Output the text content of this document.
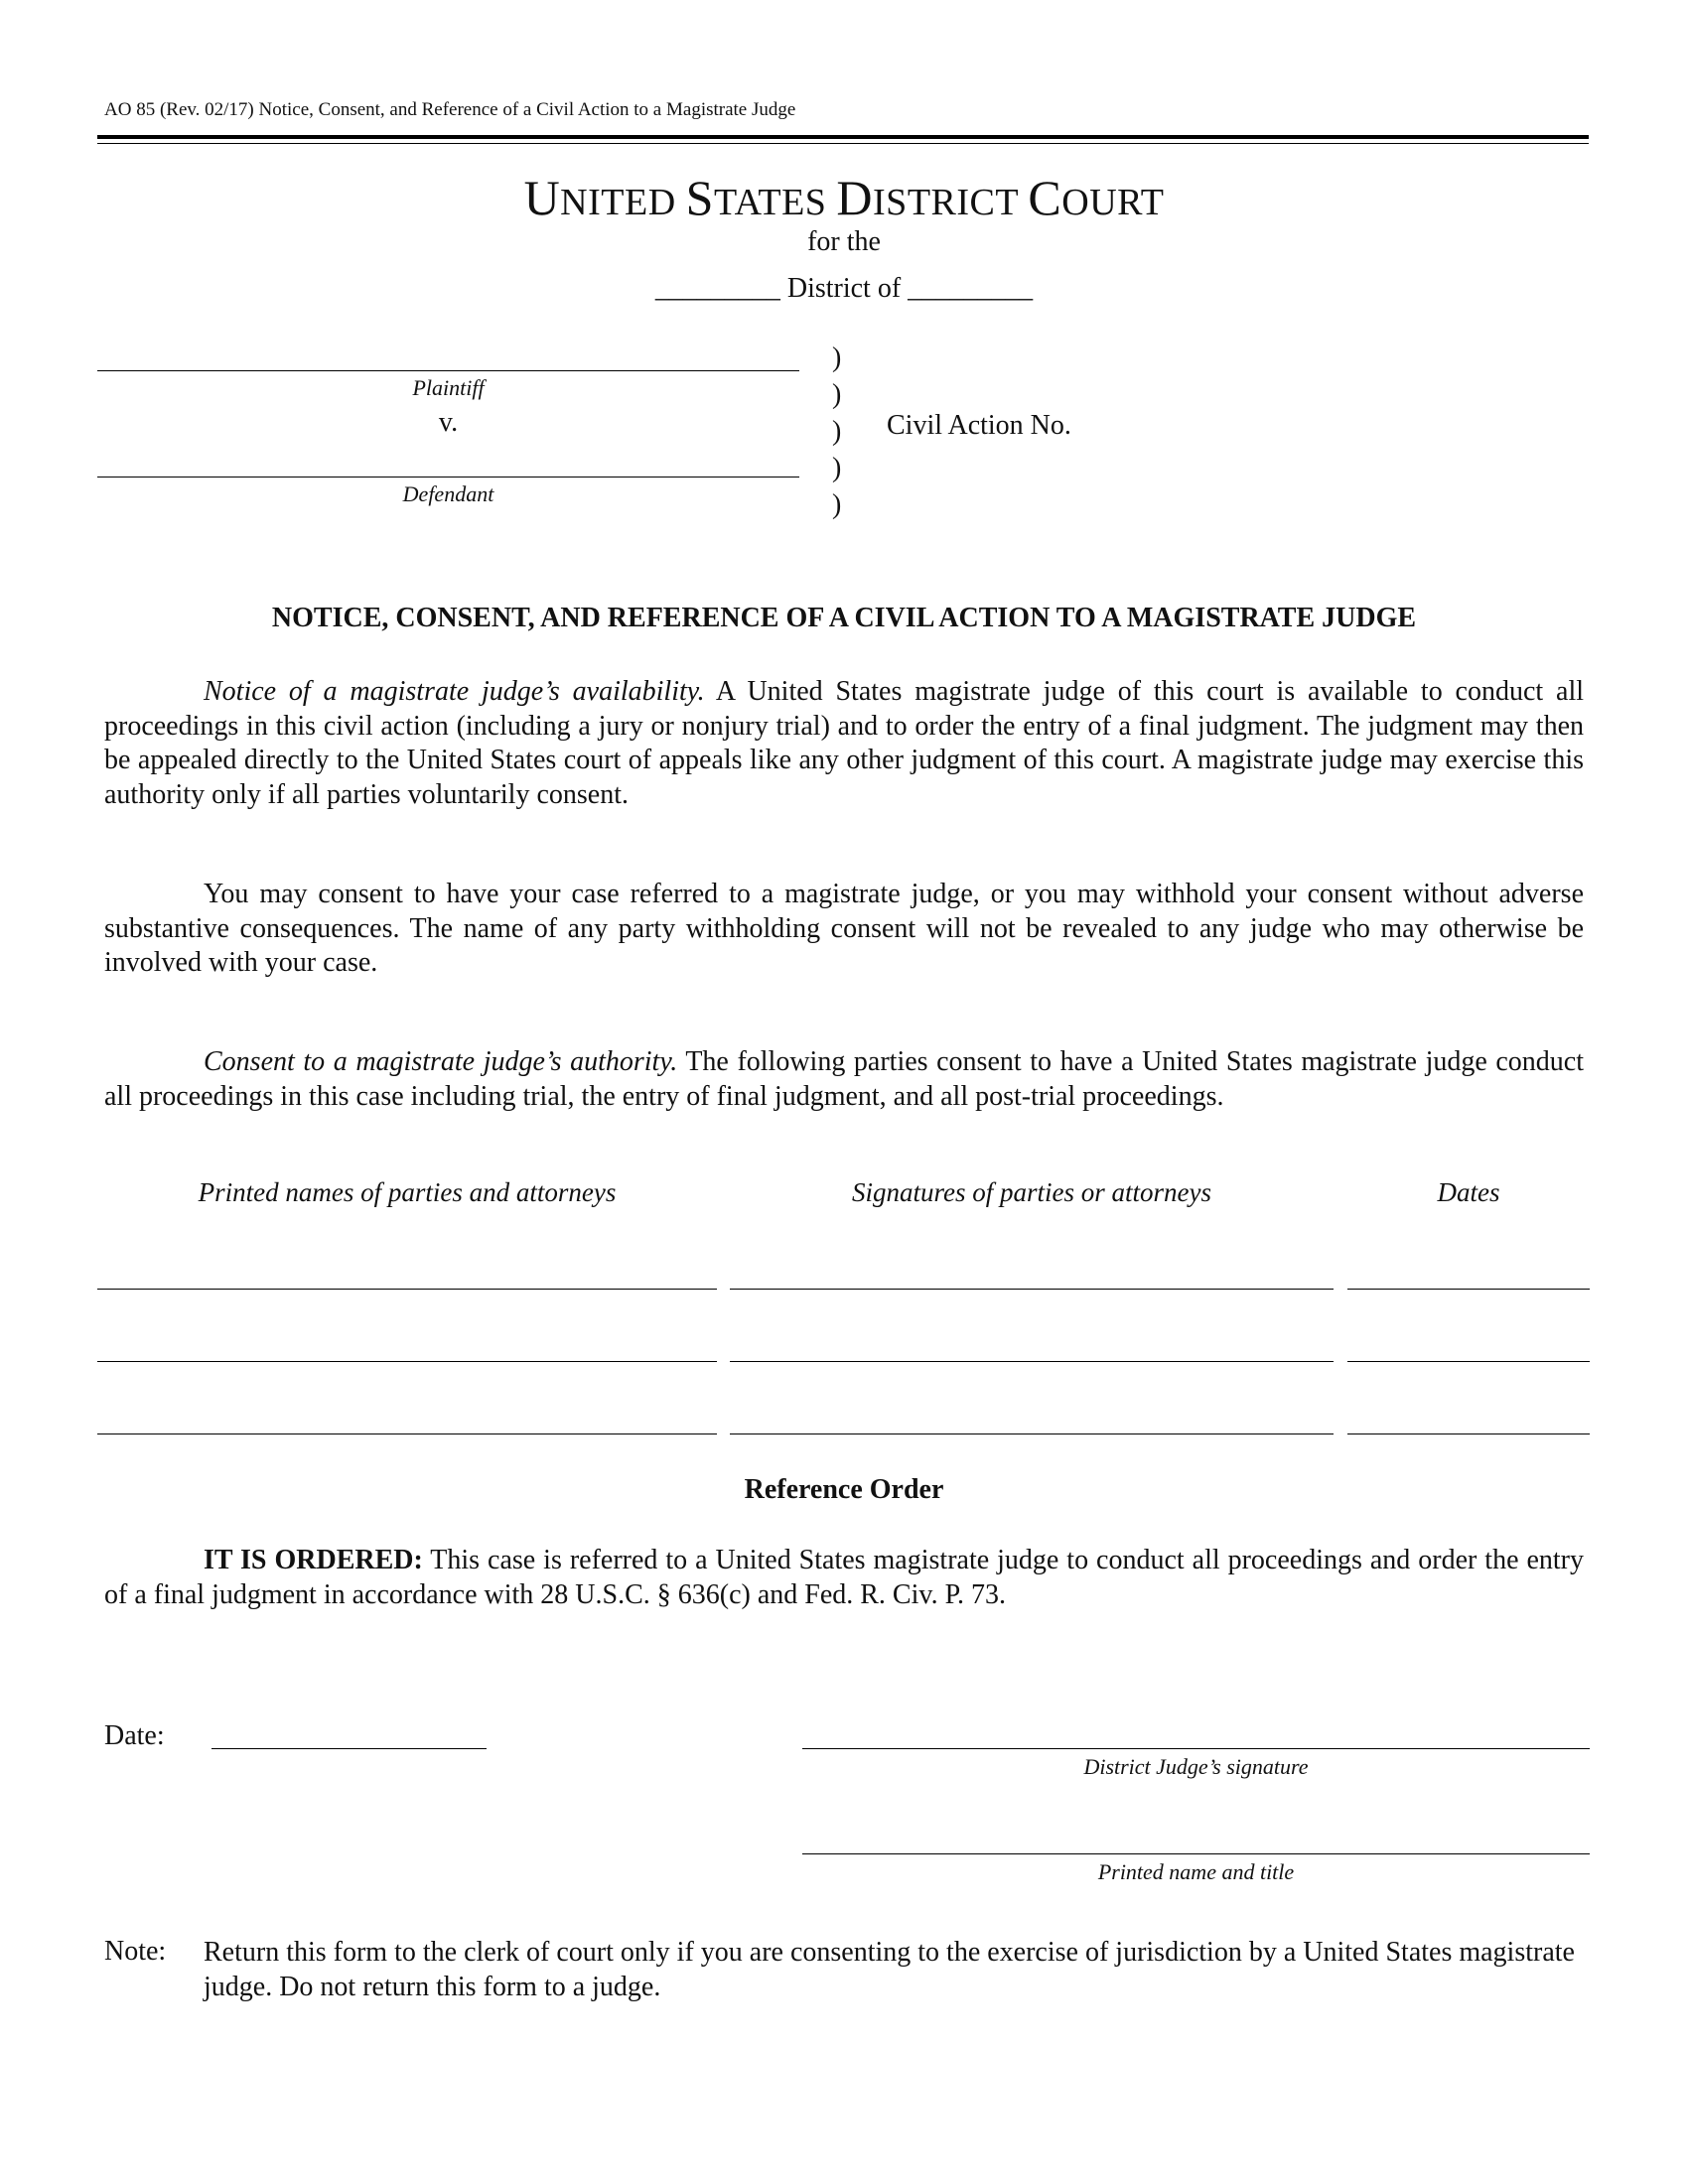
AO 85 (Rev. 02/17) Notice, Consent, and Reference of a Civil Action to a Magistrate Judge
UNITED STATES DISTRICT COURT
for the
_________ District of _________
Plaintiff
v.
Defendant
)
)
)
)
)
Civil Action No.
NOTICE, CONSENT, AND REFERENCE OF A CIVIL ACTION TO A MAGISTRATE JUDGE
Notice of a magistrate judge’s availability. A United States magistrate judge of this court is available to conduct all proceedings in this civil action (including a jury or nonjury trial) and to order the entry of a final judgment. The judgment may then be appealed directly to the United States court of appeals like any other judgment of this court. A magistrate judge may exercise this authority only if all parties voluntarily consent.
You may consent to have your case referred to a magistrate judge, or you may withhold your consent without adverse substantive consequences. The name of any party withholding consent will not be revealed to any judge who may otherwise be involved with your case.
Consent to a magistrate judge’s authority. The following parties consent to have a United States magistrate judge conduct all proceedings in this case including trial, the entry of final judgment, and all post-trial proceedings.
Printed names of parties and attorneys	Signatures of parties or attorneys	Dates
Reference Order
IT IS ORDERED: This case is referred to a United States magistrate judge to conduct all proceedings and order the entry of a final judgment in accordance with 28 U.S.C. § 636(c) and Fed. R. Civ. P. 73.
Date:
District Judge’s signature
Printed name and title
Note: Return this form to the clerk of court only if you are consenting to the exercise of jurisdiction by a United States magistrate judge. Do not return this form to a judge.
